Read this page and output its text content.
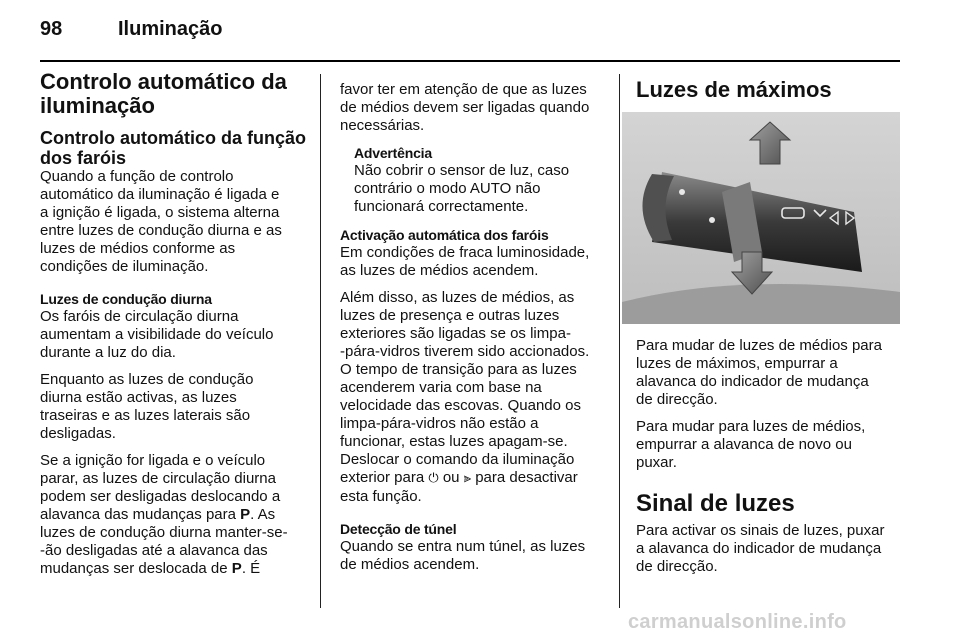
98	Iluminação
Controlo automático da
iluminação
Controlo automático da função
dos faróis

Quando a função de controlo
automático da iluminação é ligada e
a ignição é ligada, o sistema alterna
entre luzes de condução diurna e as
luzes de médios conforme as
condições de iluminação.

Luzes de condução diurna

Os faróis de circulação diurna
aumentam a visibilidade do veículo
durante a luz do dia.

Enquanto as luzes de condução
diurna estão activas, as luzes
traseiras e as luzes laterais são
desligadas.

Se a ignição for ligada e o veículo
parar, as luzes de circulação diurna
podem ser desligadas deslocando a
alavanca das mudanças para P. As
luzes de condução diurna manter-se-
-ão desligadas até a alavanca das
mudanças ser deslocada de P. É

favor ter em atenção de que as luzes
de médios devem ser ligadas quando
necessárias.

Advertência
Não cobrir o sensor de luz, caso
contrário o modo AUTO não
funcionará correctamente.
Activação automática dos faróis

Em condições de fraca luminosidade,
as luzes de médios acendem.

Além disso, as luzes de médios, as
luzes de presença e outras luzes
exteriores são ligadas se os limpa-
-pára-vidros tiverem sido accionados.
O tempo de transição para as luzes
acenderem varia com base na
velocidade das escovas. Quando os
limpa-pára-vidros não estão a
funcionar, estas luzes apagam-se.
Deslocar o comando da iluminação
exterior para ⏻ ou ⫸ para desactivar
esta função.

Detecção de túnel

Quando se entra num túnel, as luzes
de médios acendem.

Luzes de máximos

Para mudar de luzes de médios para
luzes de máximos, empurrar a
alavanca do indicador de mudança
de direcção.

Para mudar para luzes de médios,
empurrar a alavanca de novo ou
puxar.

Sinal de luzes

Para activar os sinais de luzes, puxar
a alavanca do indicador de mudança
de direcção.

carmanualsonline.info
